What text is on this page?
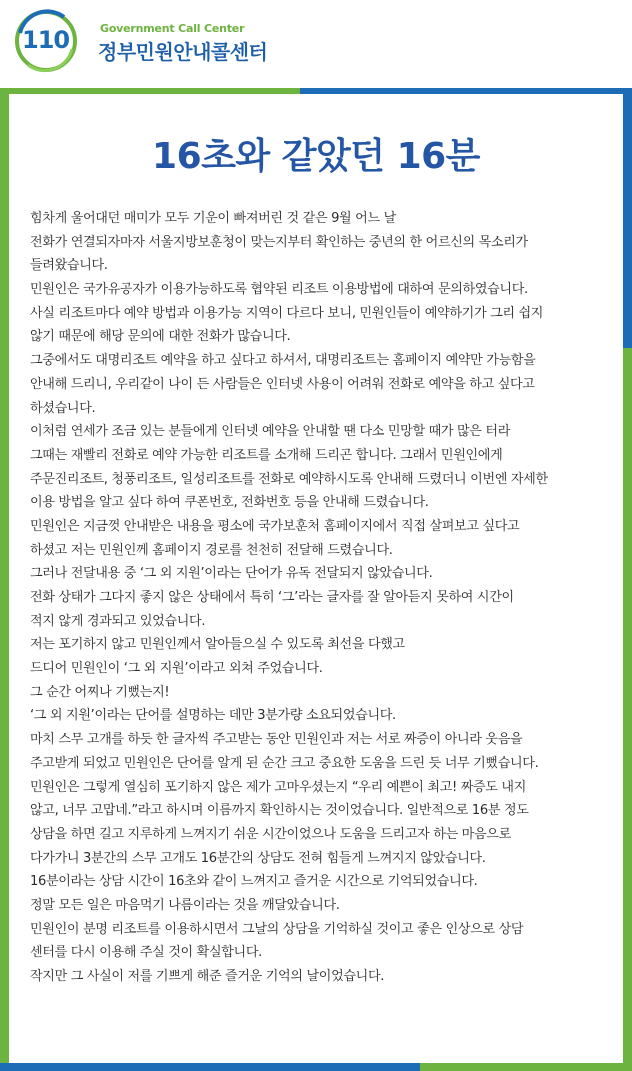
110	Government Call Center
정부민원안내콜센터
16초와 같았던 16분
힘차게 울어대던 매미가 모두 기운이 빠져버린 것 같은 9월 어느 날
전화가 연결되자마자 서울지방보훈청이 맞는지부터 확인하는 중년의 한 어르신의 목소리가
들려왔습니다.
민원인은 국가유공자가 이용가능하도록 협약된 리조트 이용방법에 대하여 문의하였습니다.
사실 리조트마다 예약 방법과 이용가능 지역이 다르다 보니, 민원인들이 예약하기가 그리 쉽지
않기 때문에 해당 문의에 대한 전화가 많습니다.
그중에서도 대명리조트 예약을 하고 싶다고 하셔서, 대명리조트는 홈페이지 예약만 가능함을
안내해 드리니, 우리같이 나이 든 사람들은 인터넷 사용이 어려워 전화로 예약을 하고 싶다고
하셨습니다.
이처럼 연세가 조금 있는 분들에게 인터넷 예약을 안내할 땐 다소 민망할 때가 많은 터라
그때는 재빨리 전화로 예약 가능한 리조트를 소개해 드리곤 합니다. 그래서 민원인에게
주문진리조트, 청풍리조트, 일성리조트를 전화로 예약하시도록 안내해 드렸더니 이번엔 자세한
이용 방법을 알고 싶다 하여 쿠폰번호, 전화번호 등을 안내해 드렸습니다.
민원인은 지금껏 안내받은 내용을 평소에 국가보훈처 홈페이지에서 직접 살펴보고 싶다고
하셨고 저는 민원인께 홈페이지 경로를 천천히 전달해 드렸습니다.
그러나 전달내용 중 ‘그 외 지원’이라는 단어가 유독 전달되지 않았습니다.
전화 상태가 그다지 좋지 않은 상태에서 특히 ‘그’라는 글자를 잘 알아듣지 못하여 시간이
적지 않게 경과되고 있었습니다.
저는 포기하지 않고 민원인께서 알아들으실 수 있도록 최선을 다했고
드디어 민원인이 ‘그 외 지원’이라고 외쳐 주었습니다.
그 순간 어찌나 기뻤는지!
‘그 외 지원’이라는 단어를 설명하는 데만 3분가량 소요되었습니다.
마치 스무 고개를 하듯 한 글자씩 주고받는 동안 민원인과 저는 서로 짜증이 아니라 웃음을
주고받게 되었고 민원인은 단어를 알게 된 순간 크고 중요한 도움을 드린 듯 너무 기뻤습니다.
민원인은 그렇게 열심히 포기하지 않은 제가 고마우셨는지 “우리 예쁜이 최고! 짜증도 내지
않고, 너무 고맙네.”라고 하시며 이름까지 확인하시는 것이었습니다. 일반적으로 16분 정도
상담을 하면 길고 지루하게 느껴지기 쉬운 시간이었으나 도움을 드리고자 하는 마음으로
다가가니 3분간의 스무 고개도 16분간의 상담도 전혀 힘들게 느껴지지 않았습니다.
16분이라는 상담 시간이 16초와 같이 느껴지고 즐거운 시간으로 기억되었습니다.
정말 모든 일은 마음먹기 나름이라는 것을 깨달았습니다.
민원인이 분명 리조트를 이용하시면서 그날의 상담을 기억하실 것이고 좋은 인상으로 상담
센터를 다시 이용해 주실 것이 확실합니다.
작지만 그 사실이 저를 기쁘게 해준 즐거운 기억의 날이었습니다.
